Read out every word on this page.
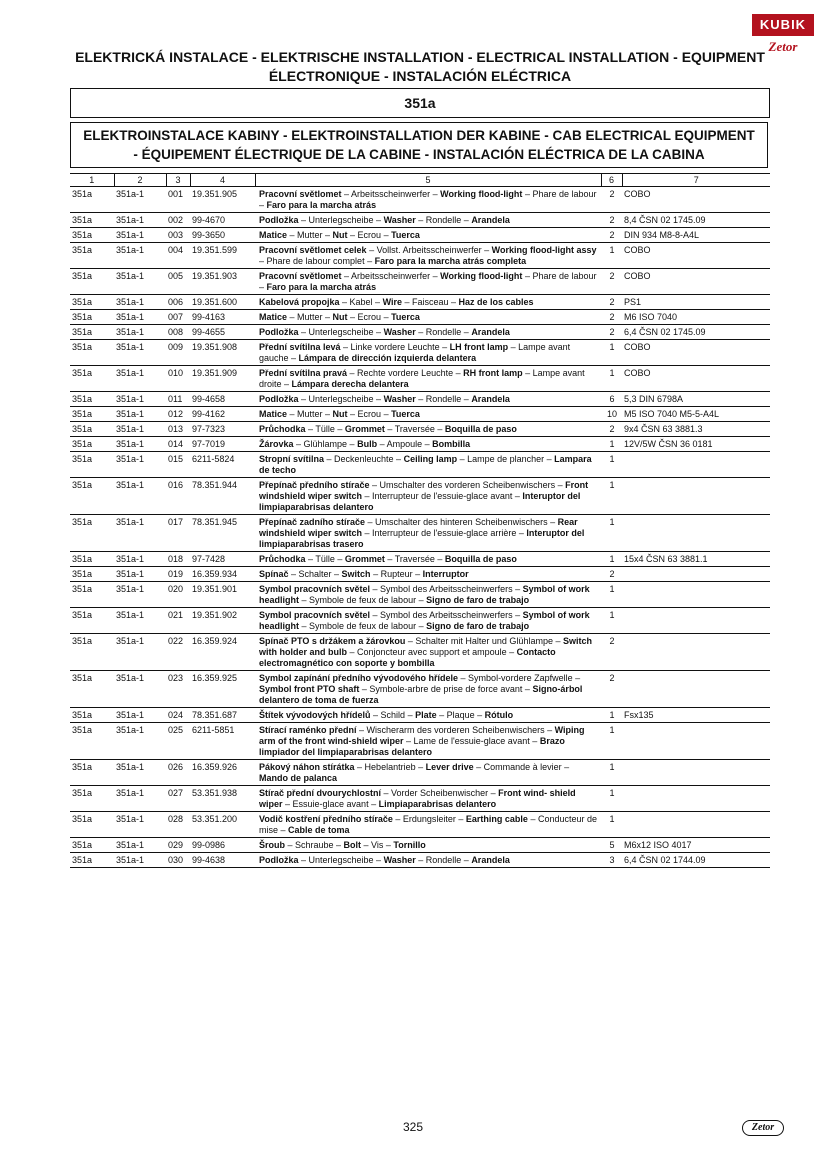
KUBIK
Zetor
ELEKTRICKÁ INSTALACE - ELEKTRISCHE INSTALLATION - ELECTRICAL INSTALLATION - EQUIPMENT
ÉLECTRONIQUE - INSTALACIÓN ELÉCTRICA
351a
ELEKTROINSTALACE KABINY - ELEKTROINSTALLATION DER KABINE - CAB ELECTRICAL EQUIPMENT
- ÉQUIPEMENT ÉLECTRIQUE DE LA CABINE - INSTALACIÓN ELÉCTRICA DE LA CABINA
1	2	3	4	5	6	7
351a	351a-1	001	19.351.905	Pracovní světlomet – Arbeitsscheinwerfer – Working flood-light – Phare de labour – Faro para la marcha atrás	2	COBO
351a	351a-1	002	99-4670	Podložka – Unterlegscheibe – Washer – Rondelle – Arandela	2	8,4 ČSN 02 1745.09
351a	351a-1	003	99-3650	Matice – Mutter – Nut – Ecrou – Tuerca	2	DIN 934 M8-8-A4L
351a	351a-1	004	19.351.599	Pracovní světlomet celek – Vollst. Arbeitsscheinwerfer – Working flood-light assy – Phare de labour complet – Faro para la marcha atrás completa	1	COBO
351a	351a-1	005	19.351.903	Pracovní světlomet – Arbeitsscheinwerfer – Working flood-light – Phare de labour – Faro para la marcha atrás	2	COBO
351a	351a-1	006	19.351.600	Kabelová propojka – Kabel – Wire – Faisceau – Haz de los cables	2	PS1
351a	351a-1	007	99-4163	Matice – Mutter – Nut – Ecrou – Tuerca	2	M6 ISO 7040
351a	351a-1	008	99-4655	Podložka – Unterlegscheibe – Washer – Rondelle – Arandela	2	6,4 ČSN 02 1745.09
351a	351a-1	009	19.351.908	Přední svítilna levá – Linke vordere Leuchte – LH front lamp – Lampe avant gauche – Lámpara de dirección izquierda delantera	1	COBO
351a	351a-1	010	19.351.909	Přední svítilna pravá – Rechte vordere Leuchte – RH front lamp – Lampe avant droite – Lámpara derecha delantera	1	COBO
351a	351a-1	011	99-4658	Podložka – Unterlegscheibe – Washer – Rondelle – Arandela	6	5,3 DIN 6798A
351a	351a-1	012	99-4162	Matice – Mutter – Nut – Ecrou – Tuerca	10	M5 ISO 7040 M5-5-A4L
351a	351a-1	013	97-7323	Průchodka – Tülle – Grommet – Traversée – Boquilla de paso	2	9x4 ČSN 63 3881.3
351a	351a-1	014	97-7019	Žárovka – Glühlampe – Bulb – Ampoule – Bombilla	1	12V/5W ČSN 36 0181
351a	351a-1	015	6211-5824	Stropní svítilna – Deckenleuchte – Ceiling lamp – Lampe de plancher – Lampara de techo	1	
351a	351a-1	016	78.351.944	Přepínač předního stírače – Umschalter des vorderen Scheibenwischers – Front windshield wiper switch – Interrupteur de l'essuie-glace avant – Interuptor del limpiaparabrisas delantero	1	
351a	351a-1	017	78.351.945	Přepínač zadního stírače – Umschalter des hinteren Scheibenwischers – Rear windshield wiper switch – Interrupteur de l'essuie-glace arrière – Interuptor del limpiaparabrisas trasero	1	
351a	351a-1	018	97-7428	Průchodka – Tülle – Grommet – Traversée – Boquilla de paso	1	15x4 ČSN 63 3881.1
351a	351a-1	019	16.359.934	Spínač – Schalter – Switch – Rupteur – Interruptor	2	
351a	351a-1	020	19.351.901	Symbol pracovních světel – Symbol des Arbeitsscheinwerfers – Symbol of work headlight – Symbole de feux de labour – Signo de faro de trabajo	1	
351a	351a-1	021	19.351.902	Symbol pracovních světel – Symbol des Arbeitsscheinwerfers – Symbol of work headlight – Symbole de feux de labour – Signo de faro de trabajo	1	
351a	351a-1	022	16.359.924	Spínač PTO s držákem a žárovkou – Schalter mit Halter und Glühlampe – Switch with holder and bulb – Conjoncteur avec support et ampoule – Contacto electromagnético con soporte y bombilla	2	
351a	351a-1	023	16.359.925	Symbol zapínání předního vývodového hřídele – Symbol-vordere Zapfwelle – Symbol front PTO shaft – Symbole-arbre de prise de force avant – Signo-árbol delantero de toma de fuerza	2	
351a	351a-1	024	78.351.687	Štítek vývodových hřídelů – Schild – Plate – Plaque – Rótulo	1	Fsx135
351a	351a-1	025	6211-5851	Stírací raménko přední – Wischerarm des vorderen Scheibenwischers – Wiping arm of the front wind-shield wiper – Lame de l'essuie-glace avant – Brazo limpiador del limpiaparabrisas delantero	1	
351a	351a-1	026	16.359.926	Pákový náhon stírátka – Hebelantrieb – Lever drive – Commande à levier – Mando de palanca	1	
351a	351a-1	027	53.351.938	Stírač přední dvourychlostní – Vorder Scheibenwischer – Front wind- shield wiper – Essuie-glace avant – Limpiaparabrisas delantero	1	
351a	351a-1	028	53.351.200	Vodič kostření předního stírače – Erdungsleiter – Earthing cable – Conducteur de mise – Cable de toma	1	
351a	351a-1	029	99-0986	Šroub – Schraube – Bolt – Vis – Tornillo	5	M6x12 ISO 4017
351a	351a-1	030	99-4638	Podložka – Unterlegscheibe – Washer – Rondelle – Arandela	3	6,4 ČSN 02 1744.09
325	Zetor
